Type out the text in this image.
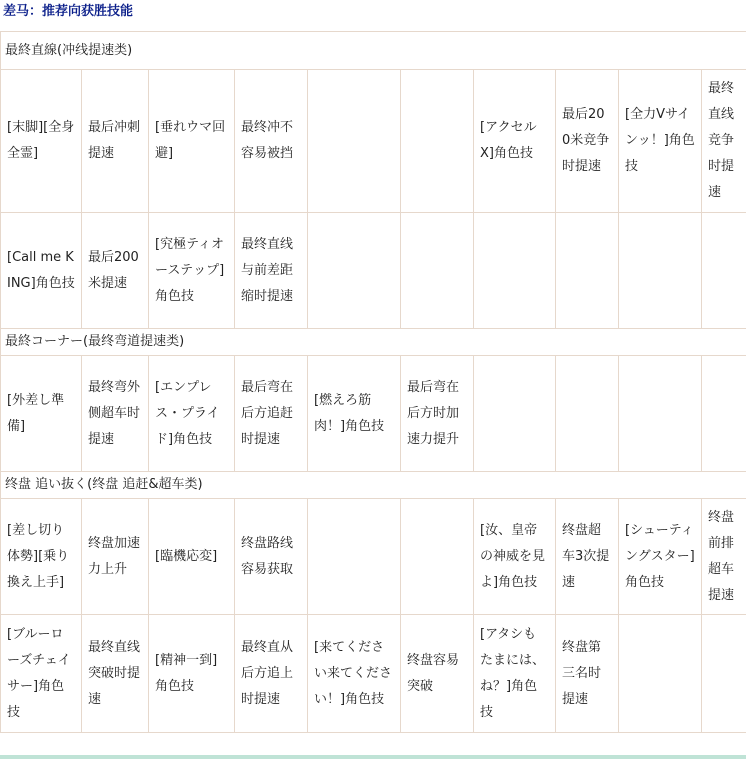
差马：推荐向获胜技能
最終直線(冲线提速类)									
[末脚][全身全霊]	最后冲刺提速	[垂れウマ回避]	最终冲不容易被挡			[アクセルX]角色技	最后200米竞争时提速	[全力Vサインッ！]角色技	最终直线竞争时提速
[Call me KING]角色技	最后200米提速	[究極ティオーステップ]角色技	最终直线与前差距缩时提速						
最終コーナー(最终弯道提速类)									
[外差し準備]	最终弯外侧超车时提速	[エンプレス・プライド]角色技	最后弯在后方追赶时提速	[燃えろ筋肉！]角色技	最后弯在后方时加速力提升				
终盘 追い抜く(终盘 追赶&超车类)									
[差し切り体勢][乗り換え上手]	终盘加速力上升	[臨機応変]	终盘路线容易获取			[汝、皇帝の神威を見よ]角色技	终盘超车3次提速	[シューティングスター]角色技	终盘前排超车提速
[ブルーローズチェイサー]角色技	最终直线突破时提速	[精神一到]角色技	最终直从后方追上时提速	[来てください来てください！]角色技	终盘容易突破	[アタシもたまには、ね？]角色技	终盘第三名时提速		
